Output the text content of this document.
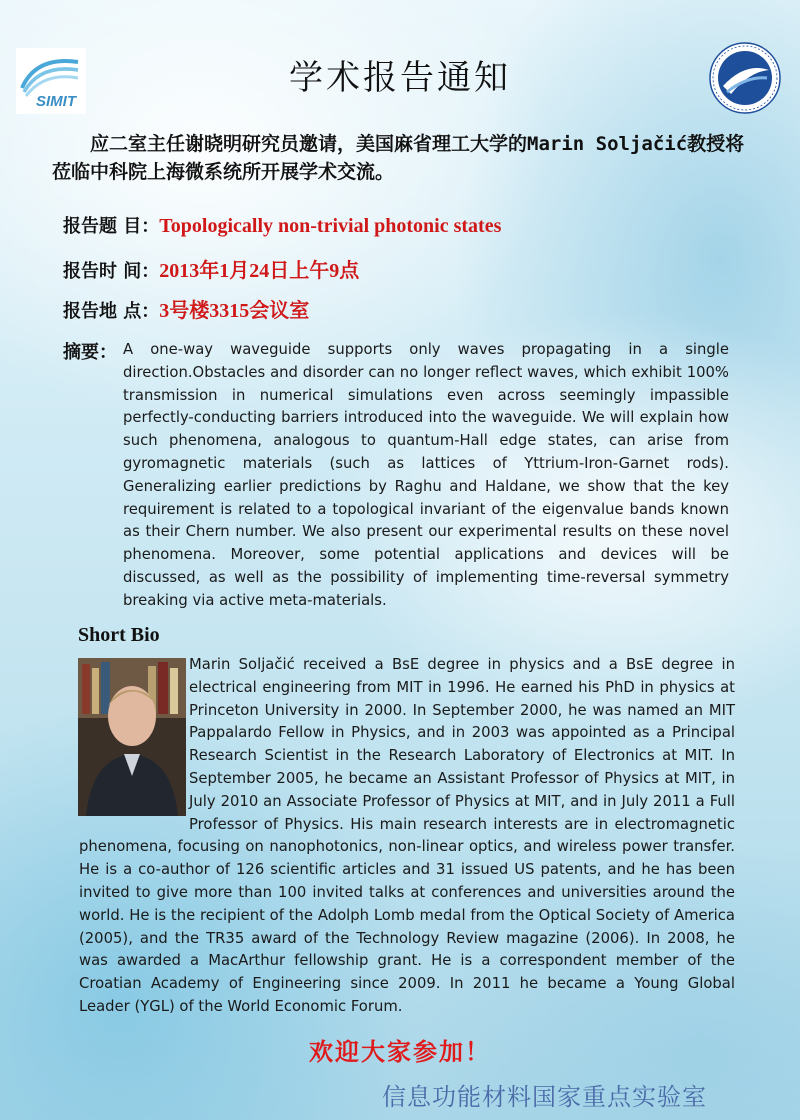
SIMIT
学术报告通知
应二室主任谢晓明研究员邀请，美国麻省理工大学的Marin Soljačić教授将莅临中科院上海微系统所开展学术交流。
报告题 目：Topologically non-trivial photonic states
报告时 间：2013年1月24日上午9点
报告地 点：3号楼3315会议室
摘要： A one-way waveguide supports only waves propagating in a single direction.Obstacles and disorder can no longer reflect waves, which exhibit 100% transmission in numerical simulations even across seemingly impassible perfectly-conducting barriers introduced into the waveguide. We will explain how such phenomena, analogous to quantum-Hall edge states, can arise from gyromagnetic materials (such as lattices of Yttrium-Iron-Garnet rods). Generalizing earlier predictions by Raghu and Haldane, we show that the key requirement is related to a topological invariant of the eigenvalue bands known as their Chern number. We also present our experimental results on these novel phenomena. Moreover, some potential applications and devices will be discussed, as well as the possibility of implementing time-reversal symmetry breaking via active meta-materials.
Short Bio
Marin Soljačić received a BsE degree in physics and a BsE degree in electrical engineering from MIT in 1996. He earned his PhD in physics at Princeton University in 2000. In September 2000, he was named an MIT Pappalardo Fellow in Physics, and in 2003 was appointed as a Principal Research Scientist in the Research Laboratory of Electronics at MIT. In September 2005, he became an Assistant Professor of Physics at MIT, in July 2010 an Associate Professor of Physics at MIT, and in July 2011 a Full Professor of Physics. His main research interests are in electromagnetic phenomena, focusing on nanophotonics, non-linear optics, and wireless power transfer. He is a co-author of 126 scientific articles and 31 issued US patents, and he has been invited to give more than 100 invited talks at conferences and universities around the world. He is the recipient of the Adolph Lomb medal from the Optical Society of America (2005), and the TR35 award of the Technology Review magazine (2006). In 2008, he was awarded a MacArthur fellowship grant. He is a correspondent member of the Croatian Academy of Engineering since 2009. In 2011 he became a Young Global Leader (YGL) of the World Economic Forum.
欢迎大家参加！
信息功能材料国家重点实验室
